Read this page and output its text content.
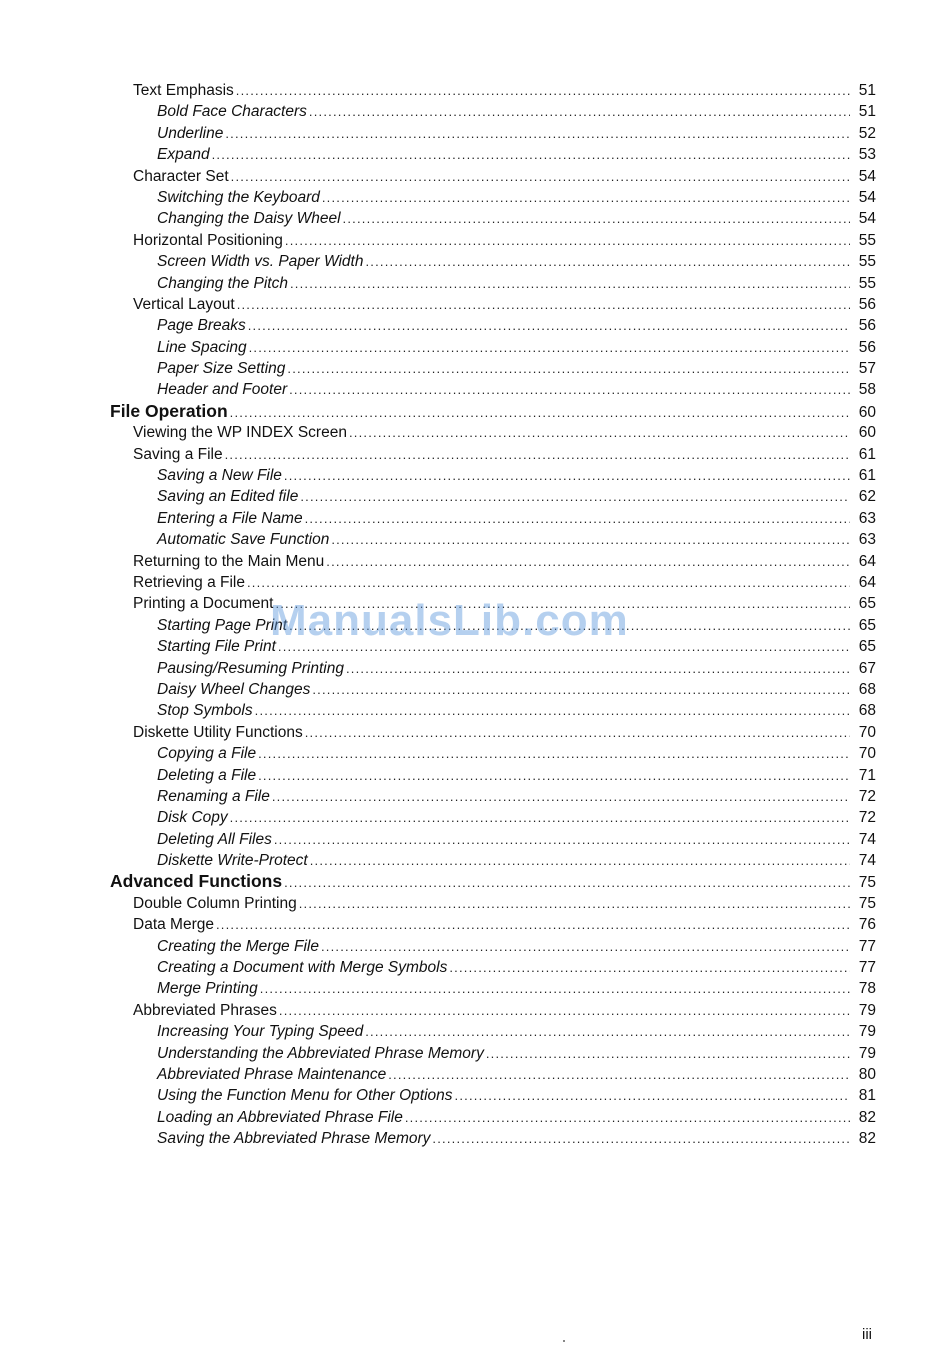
Text Emphasis .....	51
Bold Face Characters .....	51
Underline .....	52
Expand .....	53
Character Set .....	54
Switching the Keyboard .....	54
Changing the Daisy Wheel .....	54
Horizontal Positioning .....	55
Screen Width vs. Paper Width .....	55
Changing the Pitch .....	55
Vertical Layout .....	56
Page Breaks .....	56
Line Spacing .....	56
Paper Size Setting .....	57
Header and Footer .....	58
File Operation .....	60
Viewing the WP INDEX Screen .....	60
Saving a File .....	61
Saving a New File .....	61
Saving an Edited file .....	62
Entering a File Name .....	63
Automatic Save Function .....	63
Returning to the Main Menu .....	64
Retrieving a File .....	64
Printing a Document .....	65
Starting Page Print .....	65
Starting File Print .....	65
Pausing/Resuming Printing .....	67
Daisy Wheel Changes .....	68
Stop Symbols .....	68
Diskette Utility Functions .....	70
Copying a File .....	70
Deleting a File .....	71
Renaming a File .....	72
Disk Copy .....	72
Deleting All Files .....	74
Diskette Write-Protect .....	74
Advanced Functions .....	75
Double Column Printing .....	75
Data Merge .....	76
Creating the Merge File .....	77
Creating a Document with Merge Symbols .....	77
Merge Printing .....	78
Abbreviated Phrases .....	79
Increasing Your Typing Speed .....	79
Understanding the Abbreviated Phrase Memory .....	79
Abbreviated Phrase Maintenance .....	80
Using the Function Menu for Other Options .....	81
Loading an Abbreviated Phrase File .....	82
Saving the Abbreviated Phrase Memory .....	82
ManualsLib.com
iii
